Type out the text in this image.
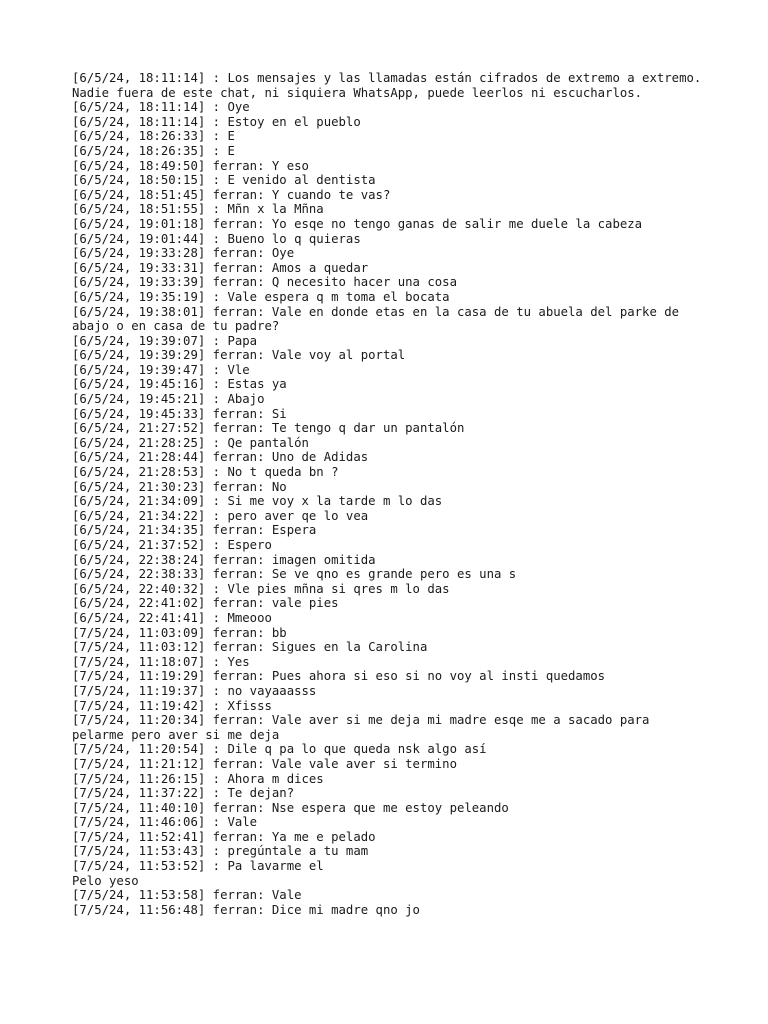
[6/5/24, 18:11:14] : Los mensajes y las llamadas están cifrados de extremo a extremo. Nadie fuera de este chat, ni siquiera WhatsApp, puede leerlos ni escucharlos.
[6/5/24, 18:11:14] : Oye
[6/5/24, 18:11:14] : Estoy en el pueblo
[6/5/24, 18:26:33] : E
[6/5/24, 18:26:35] : E
[6/5/24, 18:49:50] ferran: Y eso
[6/5/24, 18:50:15] : E venido al dentista
[6/5/24, 18:51:45] ferran: Y cuando te vas?
[6/5/24, 18:51:55] : Mñn x la Mñna
[6/5/24, 19:01:18] ferran: Yo esqe no tengo ganas de salir me duele la cabeza
[6/5/24, 19:01:44] : Bueno lo q quieras
[6/5/24, 19:33:28] ferran: Oye
[6/5/24, 19:33:31] ferran: Amos a quedar
[6/5/24, 19:33:39] ferran: Q necesito hacer una cosa
[6/5/24, 19:35:19] : Vale espera q m toma el bocata
[6/5/24, 19:38:01] ferran: Vale en donde etas en la casa de tu abuela del parke de abajo o en casa de tu padre?
[6/5/24, 19:39:07] : Papa
[6/5/24, 19:39:29] ferran: Vale voy al portal
[6/5/24, 19:39:47] : Vle
[6/5/24, 19:45:16] : Estas ya
[6/5/24, 19:45:21] : Abajo
[6/5/24, 19:45:33] ferran: Si
[6/5/24, 21:27:52] ferran: Te tengo q dar un pantalón
[6/5/24, 21:28:25] : Qe pantalón
[6/5/24, 21:28:44] ferran: Uno de Adidas
[6/5/24, 21:28:53] : No t queda bn ?
[6/5/24, 21:30:23] ferran: No
[6/5/24, 21:34:09] : Si me voy x la tarde m lo das
[6/5/24, 21:34:22] : pero aver qe lo vea
[6/5/24, 21:34:35] ferran: Espera
[6/5/24, 21:37:52] : Espero
[6/5/24, 22:38:24] ferran: imagen omitida
[6/5/24, 22:38:33] ferran: Se ve qno es grande pero es una s
[6/5/24, 22:40:32] : Vle pies mñna si qres m lo das
[6/5/24, 22:41:02] ferran: vale pies
[6/5/24, 22:41:41] : Mmeooo
[7/5/24, 11:03:09] ferran: bb
[7/5/24, 11:03:12] ferran: Sigues en la Carolina
[7/5/24, 11:18:07] : Yes
[7/5/24, 11:19:29] ferran: Pues ahora si eso si no voy al insti quedamos
[7/5/24, 11:19:37] : no vayaaasss
[7/5/24, 11:19:42] : Xfisss
[7/5/24, 11:20:34] ferran: Vale aver si me deja mi madre esqe me a sacado para pelarme pero aver si me deja
[7/5/24, 11:20:54] : Dile q pa lo que queda nsk algo así
[7/5/24, 11:21:12] ferran: Vale vale aver si termino
[7/5/24, 11:26:15] : Ahora m dices
[7/5/24, 11:37:22] : Te dejan?
[7/5/24, 11:40:10] ferran: Nse espera que me estoy peleando
[7/5/24, 11:46:06] : Vale
[7/5/24, 11:52:41] ferran: Ya me e pelado
[7/5/24, 11:53:43] : pregúntale a tu mam
[7/5/24, 11:53:52] : Pa lavarme el
Pelo yeso
[7/5/24, 11:53:58] ferran: Vale
[7/5/24, 11:56:48] ferran: Dice mi madre qno jo
